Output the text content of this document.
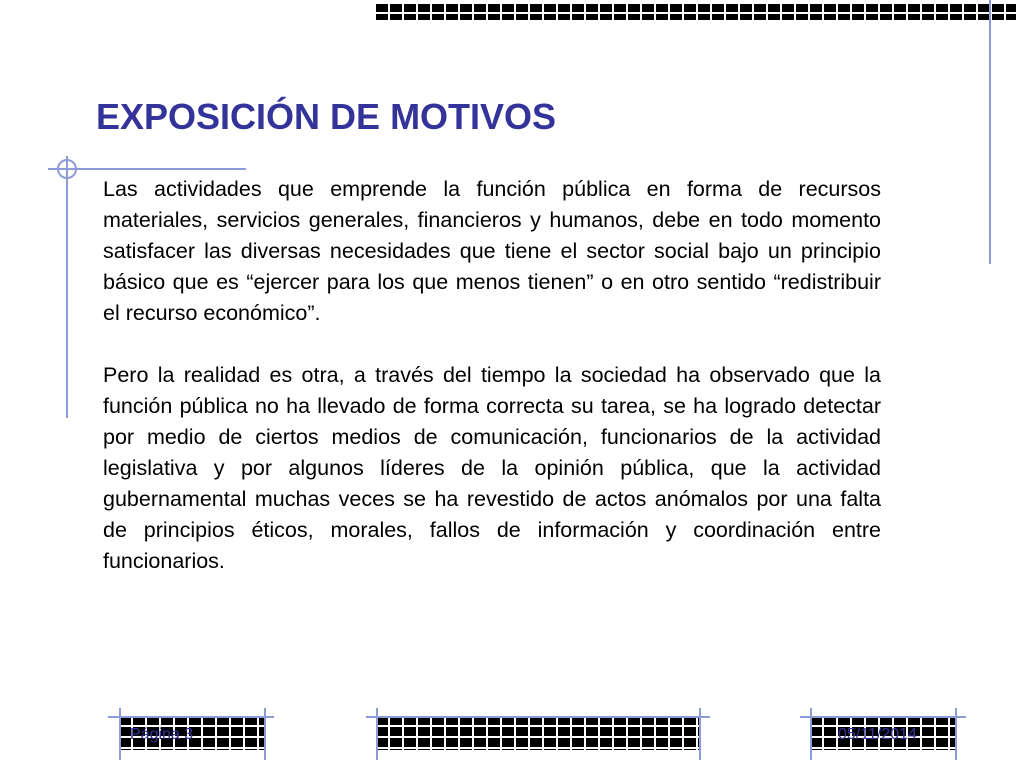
EXPOSICIÓN DE MOTIVOS

Las actividades que emprende la función pública en forma de recursos materiales, servicios generales, financieros y humanos, debe en todo momento satisfacer las diversas necesidades que tiene el sector social bajo un principio básico que es “ejercer para los que menos tienen” o en otro sentido “redistribuir el recurso económico”.

Pero la realidad es otra, a través del tiempo la sociedad ha observado que la función pública no ha llevado de forma correcta su tarea, se ha logrado detectar por medio de ciertos medios de comunicación, funcionarios de la actividad legislativa y por algunos líderes de la opinión pública, que la actividad gubernamental muchas veces se ha revestido de actos anómalos por una falta de principios éticos, morales, fallos de información y coordinación entre funcionarios.

Página 3	05/11/2014
